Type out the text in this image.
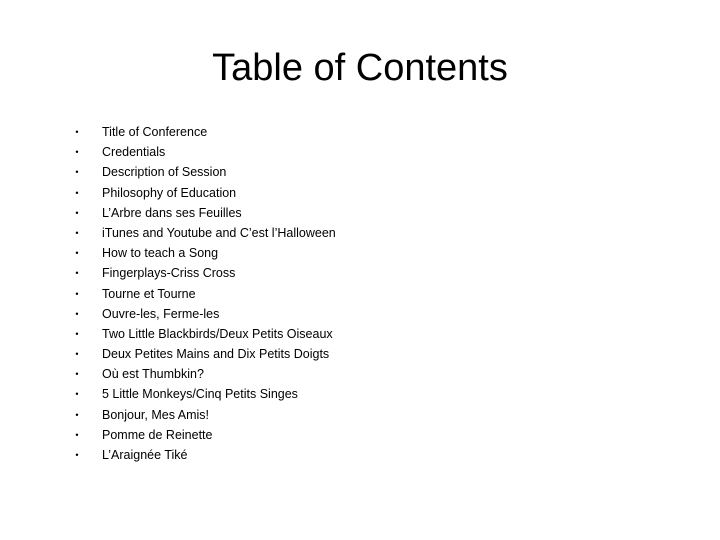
Table of Contents
• Title of Conference
• Credentials
• Description of Session
• Philosophy of Education
• L’Arbre dans ses Feuilles
• iTunes and Youtube and C’est l’Halloween
• How to teach a Song
• Fingerplays-Criss Cross
• Tourne et Tourne
• Ouvre-les, Ferme-les
• Two Little Blackbirds/Deux Petits Oiseaux
• Deux Petites Mains and Dix Petits Doigts
• Où est Thumbkin?
• 5 Little Monkeys/Cinq Petits Singes
• Bonjour, Mes Amis!
• Pomme de Reinette
• L’Araignée Tiké
